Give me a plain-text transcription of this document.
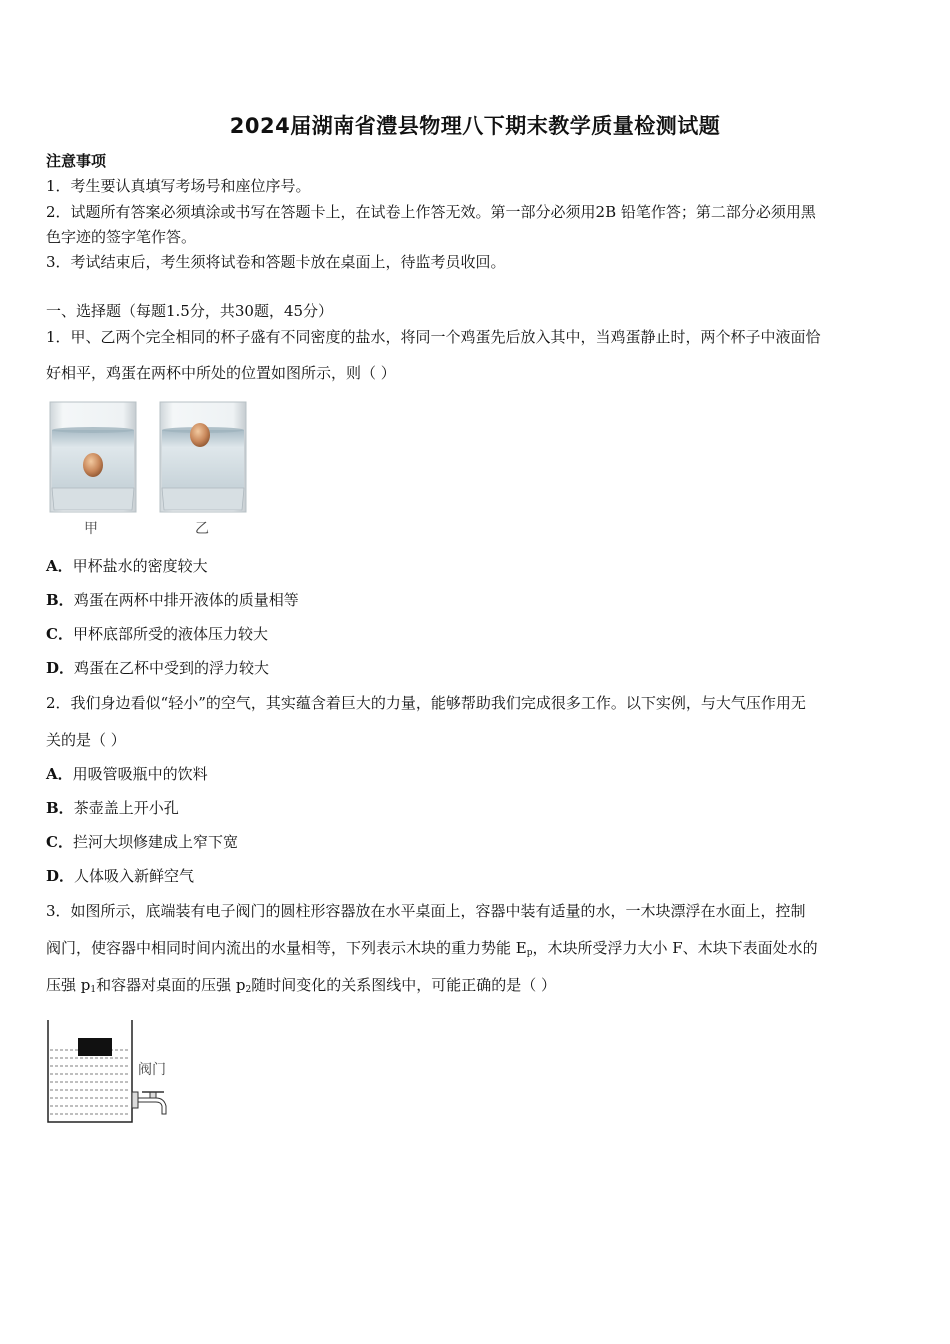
2024届湖南省澧县物理八下期末教学质量检测试题
注意事项
1．考生要认真填写考场号和座位序号。
2．试题所有答案必须填涂或书写在答题卡上，在试卷上作答无效。第一部分必须用2B 铅笔作答；第二部分必须用黑
色字迹的签字笔作答。
3．考试结束后，考生须将试卷和答题卡放在桌面上，待监考员收回。
一、选择题（每题1.5分，共30题，45分）
1．甲、乙两个完全相同的杯子盛有不同密度的盐水，将同一个鸡蛋先后放入其中，当鸡蛋静止时，两个杯子中液面恰
好相平，鸡蛋在两杯中所处的位置如图所示，则（ ）
甲	乙
A．甲杯盐水的密度较大
B．鸡蛋在两杯中排开液体的质量相等
C．甲杯底部所受的液体压力较大
D．鸡蛋在乙杯中受到的浮力较大
2．我们身边看似“轻小”的空气，其实蕴含着巨大的力量，能够帮助我们完成很多工作。以下实例，与大气压作用无
关的是（ ）
A．用吸管吸瓶中的饮料
B．茶壶盖上开小孔
C．拦河大坝修建成上窄下宽
D．人体吸入新鲜空气
3．如图所示，底端装有电子阀门的圆柱形容器放在水平桌面上，容器中装有适量的水，一木块漂浮在水面上，控制
阀门，使容器中相同时间内流出的水量相等，下列表示木块的重力势能 $E_p$，木块所受浮力大小 F、木块下表面处水的
压强 $p_1$和容器对桌面的压强 $p_2$随时间变化的关系图线中，可能正确的是（ ）
阀门
